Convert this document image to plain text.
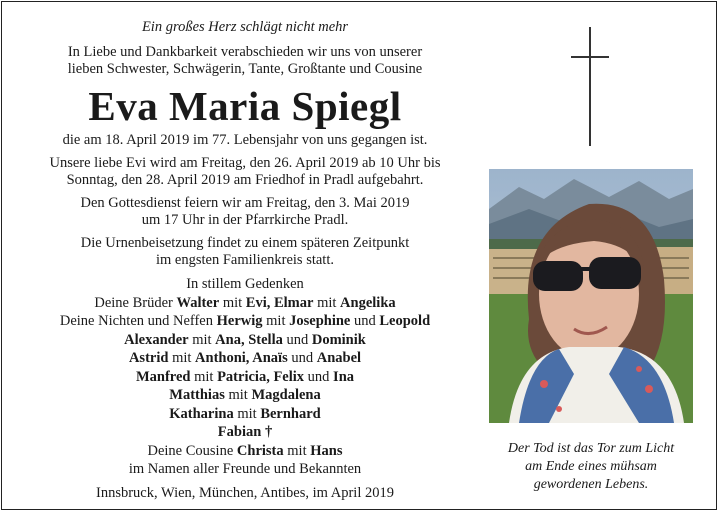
Ein großes Herz schlägt nicht mehr
In Liebe und Dankbarkeit verabschieden wir uns von unserer
lieben Schwester, Schwägerin, Tante, Großtante und Cousine
Eva Maria Spiegl
die am 18. April 2019 im 77. Lebensjahr von uns gegangen ist.
Unsere liebe Evi wird am Freitag, den 26. April 2019 ab 10 Uhr bis
Sonntag, den 28. April 2019 am Friedhof in Pradl aufgebahrt.
Den Gottesdienst feiern wir am Freitag, den 3. Mai 2019
um 17 Uhr in der Pfarrkirche Pradl.
Die Urnenbeisetzung findet zu einem späteren Zeitpunkt
im engsten Familienkreis statt.
In stillem Gedenken
Deine Brüder Walter mit Evi, Elmar mit Angelika
Deine Nichten und Neffen Herwig mit Josephine und Leopold
Alexander mit Ana, Stella und Dominik
Astrid mit Anthoni, Anaïs und Anabel
Manfred mit Patricia, Felix und Ina
Matthias mit Magdalena
Katharina mit Bernhard
Fabian †
Deine Cousine Christa mit Hans
im Namen aller Freunde und Bekannten
Innsbruck, Wien, München, Antibes, im April 2019
Der Tod ist das Tor zum Licht
am Ende eines mühsam
gewordenen Lebens.
